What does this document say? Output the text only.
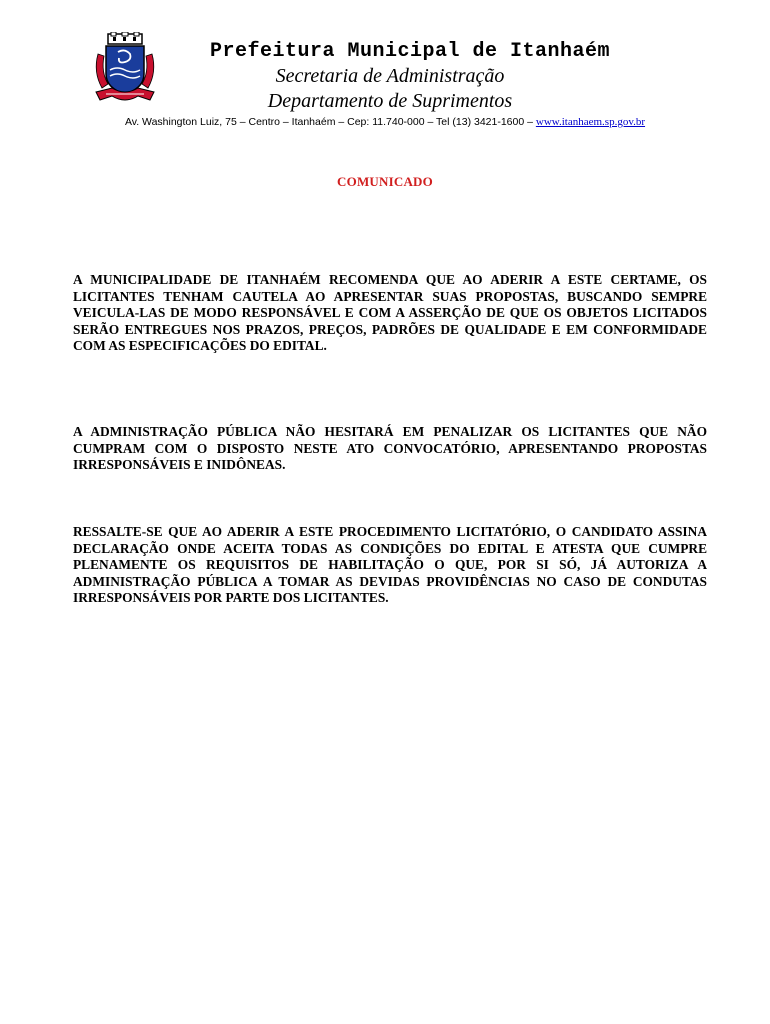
Prefeitura Municipal de Itanhaém
Secretaria de Administração
Departamento de Suprimentos
Av. Washington Luiz, 75 – Centro – Itanhaém – Cep: 11.740-000 – Tel (13) 3421-1600 – www.itanhaem.sp.gov.br
COMUNICADO
A MUNICIPALIDADE DE ITANHAÉM RECOMENDA QUE AO ADERIR A ESTE CERTAME, OS LICITANTES TENHAM CAUTELA AO APRESENTAR SUAS PROPOSTAS, BUSCANDO SEMPRE VEICULA-LAS DE MODO RESPONSÁVEL E COM A ASSERÇÃO DE QUE OS OBJETOS LICITADOS SERÃO ENTREGUES NOS PRAZOS, PREÇOS, PADRÕES DE QUALIDADE E EM CONFORMIDADE COM AS ESPECIFICAÇÕES DO EDITAL.
A ADMINISTRAÇÃO PÚBLICA NÃO HESITARÁ EM PENALIZAR OS LICITANTES QUE NÃO CUMPRAM COM O DISPOSTO NESTE ATO CONVOCATÓRIO, APRESENTANDO PROPOSTAS IRRESPONSÁVEIS E INIDÔNEAS.
RESSALTE-SE QUE AO ADERIR A ESTE PROCEDIMENTO LICITATÓRIO, O CANDIDATO ASSINA DECLARAÇÃO ONDE ACEITA TODAS AS CONDIÇÕES DO EDITAL E ATESTA QUE CUMPRE PLENAMENTE OS REQUISITOS DE HABILITAÇÃO O QUE, POR SI SÓ, JÁ AUTORIZA A ADMINISTRAÇÃO PÚBLICA A TOMAR AS DEVIDAS PROVIDÊNCIAS NO CASO DE CONDUTAS IRRESPONSÁVEIS POR PARTE DOS LICITANTES.
